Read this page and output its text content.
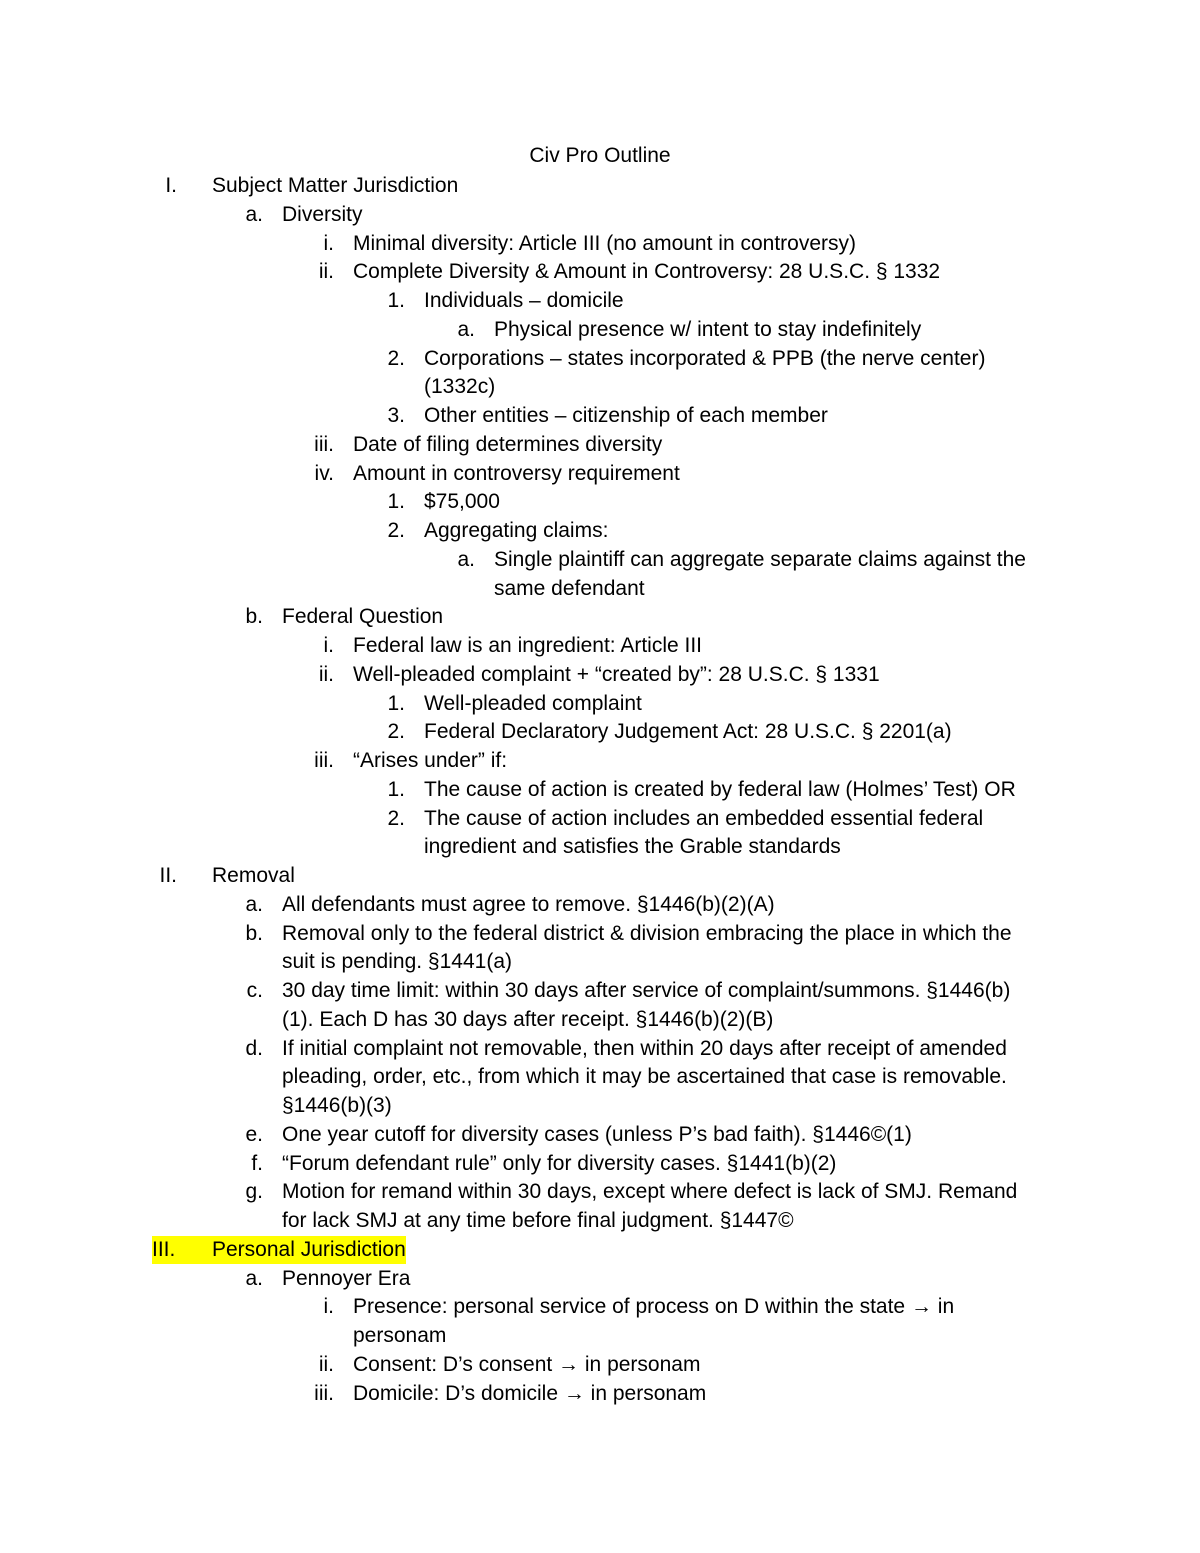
Civ Pro Outline
I. Subject Matter Jurisdiction
a. Diversity
i. Minimal diversity: Article III (no amount in controversy)
ii. Complete Diversity & Amount in Controversy: 28 U.S.C. § 1332
1. Individuals – domicile
a. Physical presence w/ intent to stay indefinitely
2. Corporations – states incorporated & PPB (the nerve center)
(1332c)
3. Other entities – citizenship of each member
iii. Date of filing determines diversity
iv. Amount in controversy requirement
1. $75,000
2. Aggregating claims:
a. Single plaintiff can aggregate separate claims against the
same defendant
b. Federal Question
i. Federal law is an ingredient: Article III
ii. Well-pleaded complaint + “created by”: 28 U.S.C. § 1331
1. Well-pleaded complaint
2. Federal Declaratory Judgement Act: 28 U.S.C. § 2201(a)
iii. “Arises under” if:
1. The cause of action is created by federal law (Holmes’ Test) OR
2. The cause of action includes an embedded essential federal
ingredient and satisfies the Grable standards
II. Removal
a. All defendants must agree to remove. §1446(b)(2)(A)
b. Removal only to the federal district & division embracing the place in which the
suit is pending. §1441(a)
c. 30 day time limit: within 30 days after service of complaint/summons. §1446(b)
(1). Each D has 30 days after receipt. §1446(b)(2)(B)
d. If initial complaint not removable, then within 20 days after receipt of amended
pleading, order, etc., from which it may be ascertained that case is removable.
§1446(b)(3)
e. One year cutoff for diversity cases (unless P’s bad faith). §1446©(1)
f. “Forum defendant rule” only for diversity cases. §1441(b)(2)
g. Motion for remand within 30 days, except where defect is lack of SMJ. Remand
for lack SMJ at any time before final judgment. §1447©
III.	Personal Jurisdiction
a. Pennoyer Era
i. Presence: personal service of process on D within the state → in
personam
ii. Consent: D’s consent → in personam
iii. Domicile: D’s domicile → in personam
